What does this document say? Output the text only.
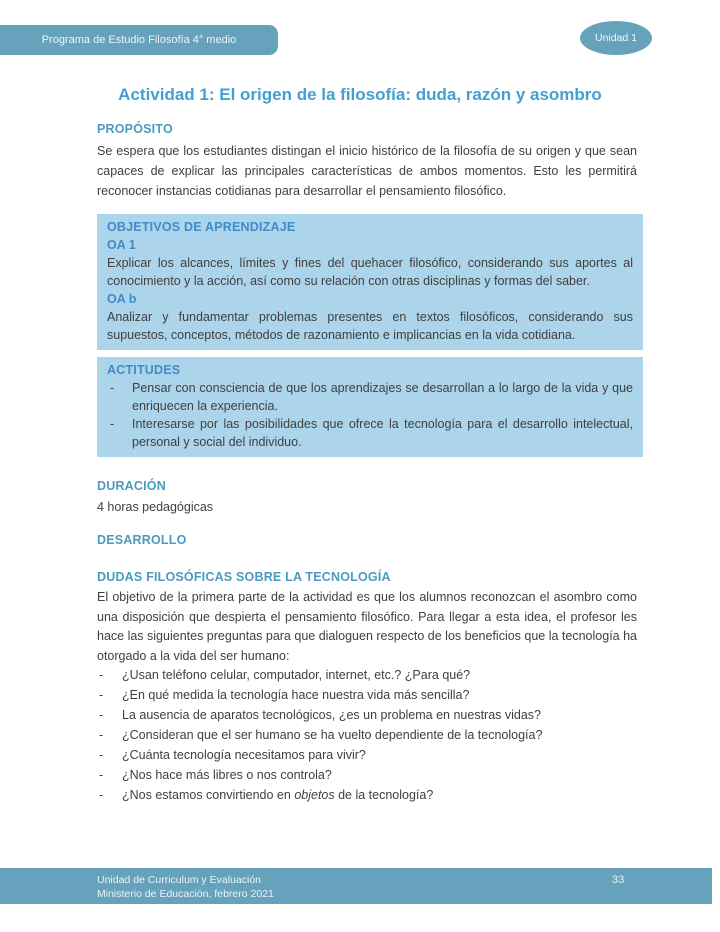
Programa de Estudio Filosofía 4° medio	Unidad 1
Actividad 1: El origen de la filosofía: duda, razón y asombro
PROPÓSITO
Se espera que los estudiantes distingan el inicio histórico de la filosofía de su origen y que sean capaces de explicar las principales características de ambos momentos. Esto les permitirá reconocer instancias cotidianas para desarrollar el pensamiento filosófico.
OBJETIVOS DE APRENDIZAJE
OA 1
Explicar los alcances, límites y fines del quehacer filosófico, considerando sus aportes al conocimiento y la acción, así como su relación con otras disciplinas y formas del saber.
OA b
Analizar y fundamentar problemas presentes en textos filosóficos, considerando sus supuestos, conceptos, métodos de razonamiento e implicancias en la vida cotidiana.
ACTITUDES
-	Pensar con consciencia de que los aprendizajes se desarrollan a lo largo de la vida y que enriquecen la experiencia.
-	Interesarse por las posibilidades que ofrece la tecnología para el desarrollo intelectual, personal y social del individuo.
DURACIÓN
4 horas pedagógicas
DESARROLLO
DUDAS FILOSÓFICAS SOBRE LA TECNOLOGÍA
El objetivo de la primera parte de la actividad es que los alumnos reconozcan el asombro como una disposición que despierta el pensamiento filosófico. Para llegar a esta idea, el profesor les hace las siguientes preguntas para que dialoguen respecto de los beneficios que la tecnología ha otorgado a la vida del ser humano:
-	¿Usan teléfono celular, computador, internet, etc.? ¿Para qué?
-	¿En qué medida la tecnología hace nuestra vida más sencilla?
-	La ausencia de aparatos tecnológicos, ¿es un problema en nuestras vidas?
-	¿Consideran que el ser humano se ha vuelto dependiente de la tecnología?
-	¿Cuánta tecnología necesitamos para vivir?
-	¿Nos hace más libres o nos controla?
-	¿Nos estamos convirtiendo en objetos de la tecnología?
Unidad de Curriculum y Evaluación
Ministerio de Educación, febrero 2021
33
